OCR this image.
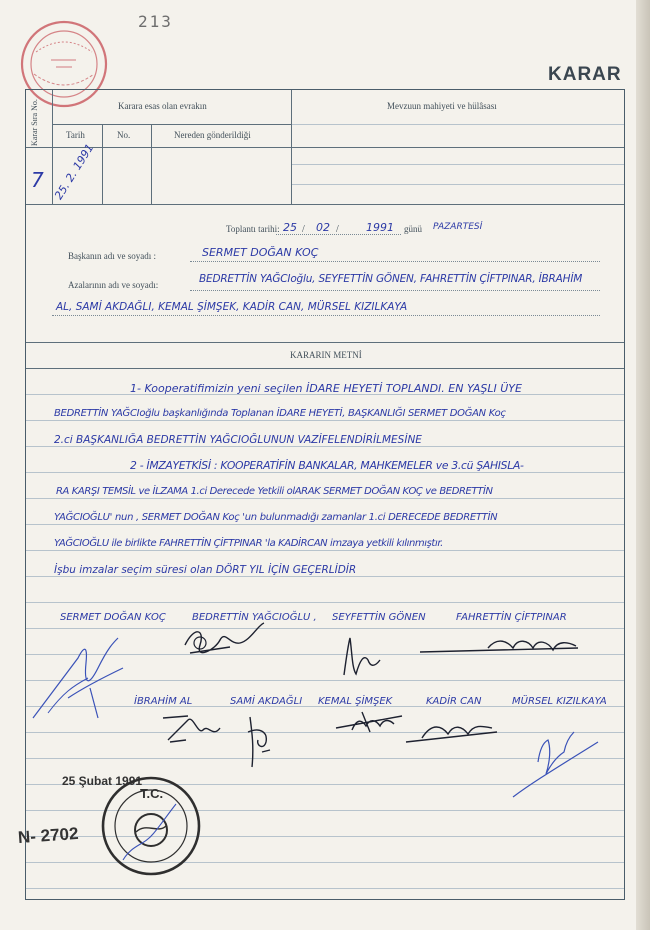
213
KARAR
Karar Sıra No.	Karara esas olan evrakın	Mevzuun mahiyeti ve hülâsası
Tarih	No.	Nereden gönderildiği
7 25. 2. 1991
Toplantı tarihi: 25 / 02 / 1991 günü PAZARTESİ
Başkanın adı ve soyadı :	SERMET DOĞAN KOÇ
Azalarının adı ve soyadı:	BEDRETTİN YAĞCIoğlu, SEYFETTİN GÖNEN, FAHRETTİN ÇİFTPINAR, İBRAHİM
AL, SAMİ AKDAĞLI, KEMAL ŞİMŞEK, KADİR CAN, MÜRSEL KIZILKAYA
KARARIN METNİ
1- Kooperatifimizin yeni seçilen İDARE HEYETİ TOPLANDI. EN YAŞLI ÜYE
BEDRETTİN YAĞCIoğlu başkanlığında Toplanan İDARE HEYETİ, BAŞKANLIĞI SERMET DOĞAN Koç
2.ci BAŞKANLIĞA BEDRETTİN YAĞCIOĞLUNUN VAZİFELENDİRİLMESİNE
2 - İMZAYETKİSİ : KOOPERATİFİN BANKALAR, MAHKEMELER ve 3.cü ŞAHISLA-
RA KARŞI TEMSİL ve İLZAMA 1.ci Derecede Yetkili olARAK SERMET DOĞAN KOÇ ve BEDRETTİN
YAĞCIOĞLU' nun , SERMET DOĞAN Koç 'un bulunmadığı zamanlar 1.ci DERECEDE BEDRETTİN
YAĞCIOĞLU ile birlikte FAHRETTİN ÇİFTPINAR 'la KADİRCAN imzaya yetkili kılınmıştır.
İşbu imzalar seçim süresi olan DÖRT YIL İÇİN GEÇERLİDİR
SERMET DOĞAN KOÇ	BEDRETTİN YAĞCIOĞLU , SEYFETTİN GÖNEN	FAHRETTİN ÇİFTPINAR
İBRAHİM AL	SAMİ AKDAĞLI KEMAL ŞİMŞEK	KADİR CAN	MÜRSEL KIZILKAYA
25 Şubat 1991
N- 2702
T.C.
